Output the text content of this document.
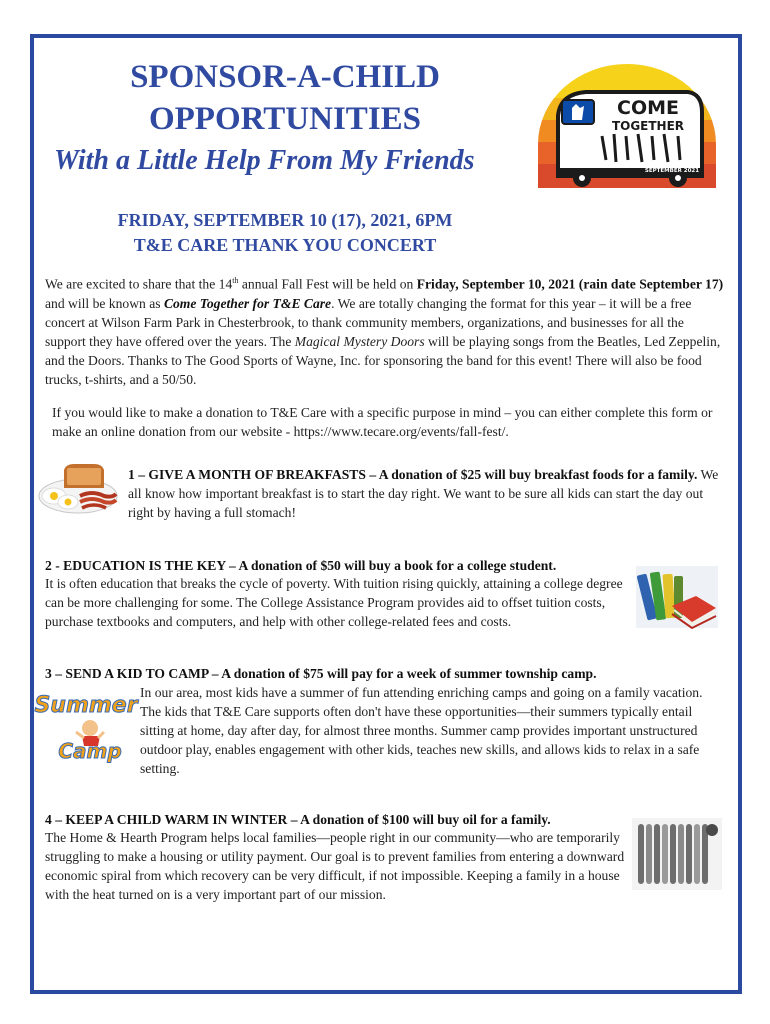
SPONSOR-A-CHILD
OPPORTUNITIES
With a Little Help From My Friends
COME
TOGETHER
SEPTEMBER 2021

FRIDAY, SEPTEMBER 10 (17), 2021, 6PM

T&E CARE THANK YOU CONCERT

We are excited to share that the 14th annual Fall Fest will be held on Friday, September 10, 2021 (rain date September 17) and will be known as Come Together for T&E Care. We are totally changing the format for this year – it will be a free concert at Wilson Farm Park in Chesterbrook, to thank community members, organizations, and businesses for all the support they have offered over the years. The Magical Mystery Doors will be playing songs from the Beatles, Led Zeppelin, and the Doors. Thanks to The Good Sports of Wayne, Inc. for sponsoring the band for this event! There will also be food trucks, t-shirts, and a 50/50.

If you would like to make a donation to T&E Care with a specific purpose in mind – you can either complete this form or make an online donation from our website - https://www.tecare.org/events/fall-fest/.

1 – GIVE A MONTH OF BREAKFASTS – A donation of $25 will buy breakfast foods for a family. We all know how important breakfast is to start the day right. We want to be sure all kids can start the day out right by having a full stomach!

2 - EDUCATION IS THE KEY – A donation of $50 will buy a book for a college student.

It is often education that breaks the cycle of poverty. With tuition rising quickly, attaining a college degree can be more challenging for some. The College Assistance Program provides aid to offset tuition costs, purchase textbooks and computers, and help with other college-related fees and costs.

3 – SEND A KID TO CAMP – A donation of $75 will pay for a week of summer township camp.

Summer
Camp

In our area, most kids have a summer of fun attending enriching camps and going on a family vacation. The kids that T&E Care supports often don't have these opportunities—their summers typically entail sitting at home, day after day, for almost three months. Summer camp provides important unstructured outdoor play, enables engagement with other kids, teaches new skills, and allows kids to relax in a safe setting.

4 – KEEP A CHILD WARM IN WINTER – A donation of $100 will buy oil for a family.

The Home & Hearth Program helps local families—people right in our community—who are temporarily struggling to make a housing or utility payment. Our goal is to prevent families from entering a downward economic spiral from which recovery can be very difficult, if not impossible. Keeping a family in a house with the heat turned on is a very important part of our mission.
